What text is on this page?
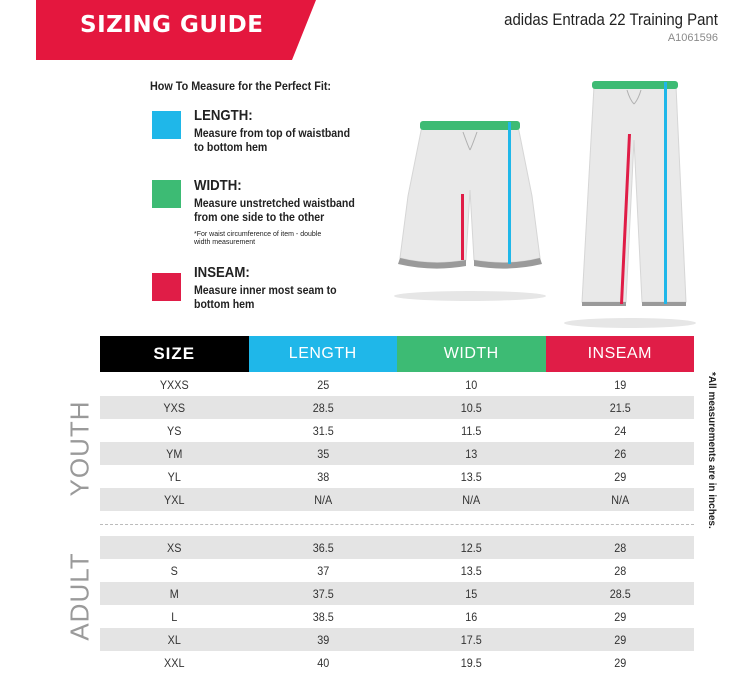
SIZING GUIDE	adidas Entrada 22 Training Pant
A1061596
How To Measure for the Perfect Fit:
LENGTH:
Measure from top of waistband
to bottom hem
WIDTH:
Measure unstretched waistband
from one side to the other
*For waist circumference of item - double
width measurement
INSEAM:
Measure inner most seam to
bottom hem
SIZE	LENGTH	WIDTH	INSEAM
YXXS	25	10	19
YXS	28.5	10.5	21.5
YS	31.5	11.5	24
YM	35	13	26
YL	38	13.5	29
YXL	N/A	N/A	N/A
XS	36.5	12.5	28
S	37	13.5	28
M	37.5	15	28.5
L	38.5	16	29
XL	39	17.5	29
XXL	40	19.5	29
YOUTH
ADULT
*All measurements are in inches.
